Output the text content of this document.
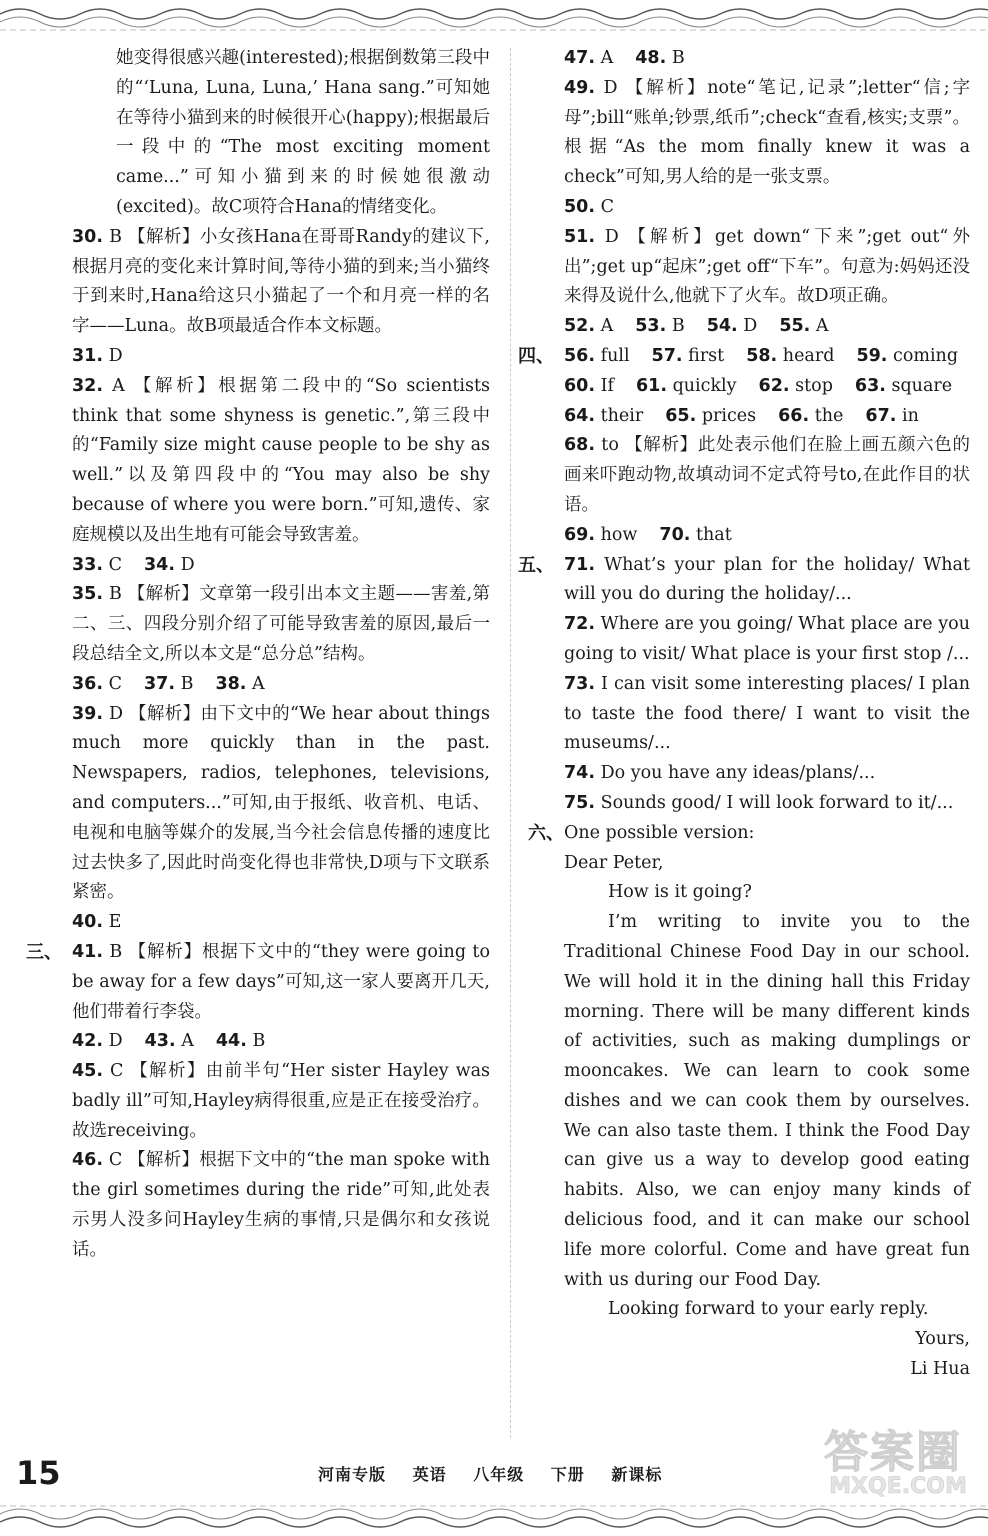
她变得很感兴趣(interested);根据倒数第三段中的“‘Luna, Luna, Luna,’ Hana sang.”可知她在等待小猫到来的时候很开心(happy);根据最后一段中的“The most exciting moment came...”可知小猫到来的时候她很激动(excited)。故C项符合Hana的情绪变化。
30. B 【解析】小女孩Hana在哥哥Randy的建议下,根据月亮的变化来计算时间,等待小猫的到来;当小猫终于到来时,Hana给这只小猫起了一个和月亮一样的名字——Luna。故B项最适合作本文标题。
31. D
32. A 【解析】根据第二段中的“So scientists think that some shyness is genetic.”,第三段中的“Family size might cause people to be shy as well.”以及第四段中的“You may also be shy because of where you were born.”可知,遗传、家庭规模以及出生地有可能会导致害羞。
33. C 34. D
35. B 【解析】文章第一段引出本文主题——害羞,第二、三、四段分别介绍了可能导致害羞的原因,最后一段总结全文,所以本文是“总分总”结构。
36. C 37. B 38. A
39. D 【解析】由下文中的“We hear about things much more quickly than in the past. Newspapers, radios, telephones, televisions, and computers...”可知,由于报纸、收音机、电话、电视和电脑等媒介的发展,当今社会信息传播的速度比过去快多了,因此时尚变化得也非常快,D项与下文联系紧密。
40. E
三、 41. B 【解析】根据下文中的“they were going to be away for a few days”可知,这一家人要离开几天,他们带着行李袋。
42. D 43. A 44. B
45. C 【解析】由前半句“Her sister Hayley was badly ill”可知,Hayley病得很重,应是正在接受治疗。故选receiving。
46. C 【解析】根据下文中的“the man spoke with the girl sometimes during the ride”可知,此处表示男人没多问Hayley生病的事情,只是偶尔和女孩说话。
47. A 48. B
49. D 【解析】note“笔记,记录”;letter“信;字母”;bill“账单;钞票,纸币”;check“查看,核实;支票”。根据“As the mom finally knew it was a check”可知,男人给的是一张支票。
50. C
51. D 【解析】get down“下来”;get out“外出”;get up“起床”;get off“下车”。句意为:妈妈还没来得及说什么,他就下了火车。故D项正确。
52. A 53. B 54. D 55. A
四、 56. full 57. first 58. heard 59. coming
60. If 61. quickly 62. stop 63. square
64. their 65. prices 66. the 67. in
68. to 【解析】此处表示他们在脸上画五颜六色的画来吓跑动物,故填动词不定式符号to,在此作目的状语。
69. how 70. that
五、 71. What’s your plan for the holiday/ What will you do during the holiday/...
72. Where are you going/ What place are you going to visit/ What place is your first stop /...
73. I can visit some interesting places/ I plan to taste the food there/ I want to visit the museums/...
74. Do you have any ideas/plans/...
75. Sounds good/ I will look forward to it/...
六、 One possible version:
Dear Peter,
How is it going?
I’m writing to invite you to the Traditional Chinese Food Day in our school. We will hold it in the dining hall this Friday morning. There will be many different kinds of activities, such as making dumplings or mooncakes. We can learn to cook some dishes and we can cook them by ourselves. We can also taste them. I think the Food Day can give us a way to develop good eating habits. Also, we can enjoy many kinds of delicious food, and it can make our school life more colorful. Come and have great fun with us during our Food Day.
Looking forward to your early reply.
Yours,
Li Hua
15	河南专版 英语 八年级 下册 新课标	答案圈
MXQE.COM
